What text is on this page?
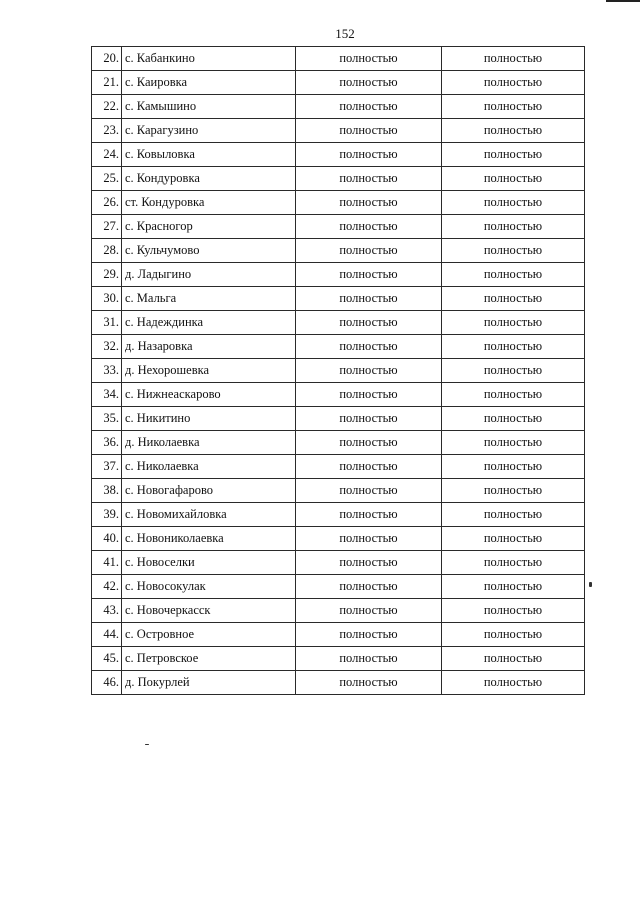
152
20.	с. Кабанкино	полностью	полностью
21.	с. Каировка	полностью	полностью
22.	с. Камышино	полностью	полностью
23.	с. Карагузино	полностью	полностью
24.	с. Ковыловка	полностью	полностью
25.	с. Кондуровка	полностью	полностью
26.	ст. Кондуровка	полностью	полностью
27.	с. Красногор	полностью	полностью
28.	с. Кульчумово	полностью	полностью
29.	д. Ладыгино	полностью	полностью
30.	с. Мальга	полностью	полностью
31.	с. Надеждинка	полностью	полностью
32.	д. Назаровка	полностью	полностью
33.	д. Нехорошевка	полностью	полностью
34.	с. Нижнеаскарово	полностью	полностью
35.	с. Никитино	полностью	полностью
36.	д. Николаевка	полностью	полностью
37.	с. Николаевка	полностью	полностью
38.	с. Новогафарово	полностью	полностью
39.	с. Новомихайловка	полностью	полностью
40.	с. Новониколаевка	полностью	полностью
41.	с. Новоселки	полностью	полностью
42.	с. Новосокулак	полностью	полностью
43.	с. Новочеркасск	полностью	полностью
44.	с. Островное	полностью	полностью
45.	с. Петровское	полностью	полностью
46.	д. Покурлей	полностью	полностью
